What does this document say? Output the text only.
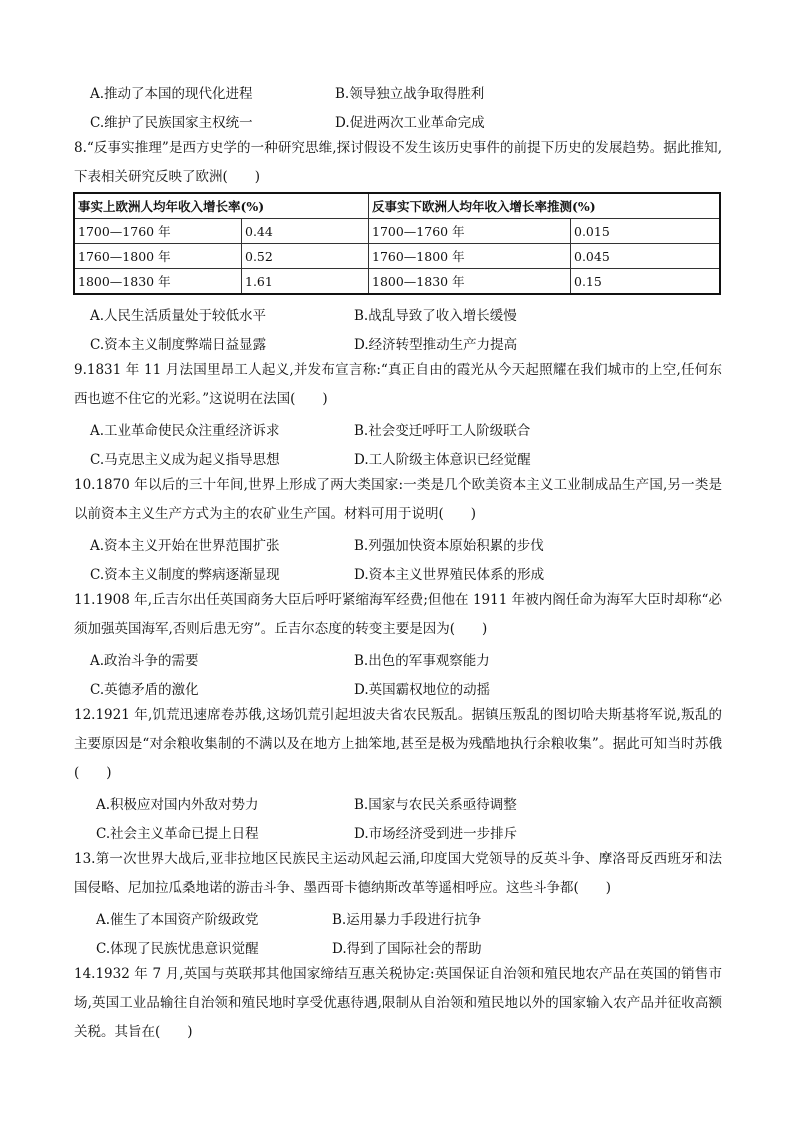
A.推动了本国的现代化进程	B.领导独立战争取得胜利
C.维护了民族国家主权统一	D.促进两次工业革命完成
8.“反事实推理”是西方史学的一种研究思维,探讨假设不发生该历史事件的前提下历史的发展趋势。据此推知,下表相关研究反映了欧洲(　　)
事实上欧洲人均年收入增长率(%)		反事实下欧洲人均年收入增长率推测(%)	
1700—1760 年	0.44	1700—1760 年	0.015
1760—1800 年	0.52	1760—1800 年	0.045
1800—1830 年	1.61	1800—1830 年	0.15
A.人民生活质量处于较低水平	B.战乱导致了收入增长缓慢
C.资本主义制度弊端日益显露	D.经济转型推动生产力提高
9.1831 年 11 月法国里昂工人起义,并发布宣言称:“真正自由的霞光从今天起照耀在我们城市的上空,任何东西也遮不住它的光彩。”这说明在法国(　　)
A.工业革命使民众注重经济诉求	B.社会变迁呼吁工人阶级联合
C.马克思主义成为起义指导思想	D.工人阶级主体意识已经觉醒
10.1870 年以后的三十年间,世界上形成了两大类国家:一类是几个欧美资本主义工业制成品生产国,另一类是以前资本主义生产方式为主的农矿业生产国。材料可用于说明(　　)
A.资本主义开始在世界范围扩张	B.列强加快资本原始积累的步伐
C.资本主义制度的弊病逐渐显现	D.资本主义世界殖民体系的形成
11.1908 年,丘吉尔出任英国商务大臣后呼吁紧缩海军经费;但他在 1911 年被内阁任命为海军大臣时却称“必须加强英国海军,否则后患无穷”。丘吉尔态度的转变主要是因为(　　)
A.政治斗争的需要	B.出色的军事观察能力
C.英德矛盾的激化	D.英国霸权地位的动摇
12.1921 年,饥荒迅速席卷苏俄,这场饥荒引起坦波夫省农民叛乱。据镇压叛乱的图切哈夫斯基将军说,叛乱的主要原因是“对余粮收集制的不满以及在地方上拙笨地,甚至是极为残酷地执行余粮收集”。据此可知当时苏俄(　　)
A.积极应对国内外敌对势力	B.国家与农民关系亟待调整
C.社会主义革命已提上日程	D.市场经济受到进一步排斥
13.第一次世界大战后,亚非拉地区民族民主运动风起云涌,印度国大党领导的反英斗争、摩洛哥反西班牙和法国侵略、尼加拉瓜桑地诺的游击斗争、墨西哥卡德纳斯改革等遥相呼应。这些斗争都(　　)
A.催生了本国资产阶级政党	B.运用暴力手段进行抗争
C.体现了民族忧患意识觉醒	D.得到了国际社会的帮助
14.1932 年 7 月,英国与英联邦其他国家缔结互惠关税协定:英国保证自治领和殖民地农产品在英国的销售市场,英国工业品输往自治领和殖民地时享受优惠待遇,限制从自治领和殖民地以外的国家输入农产品并征收高额关税。其旨在(　　)
